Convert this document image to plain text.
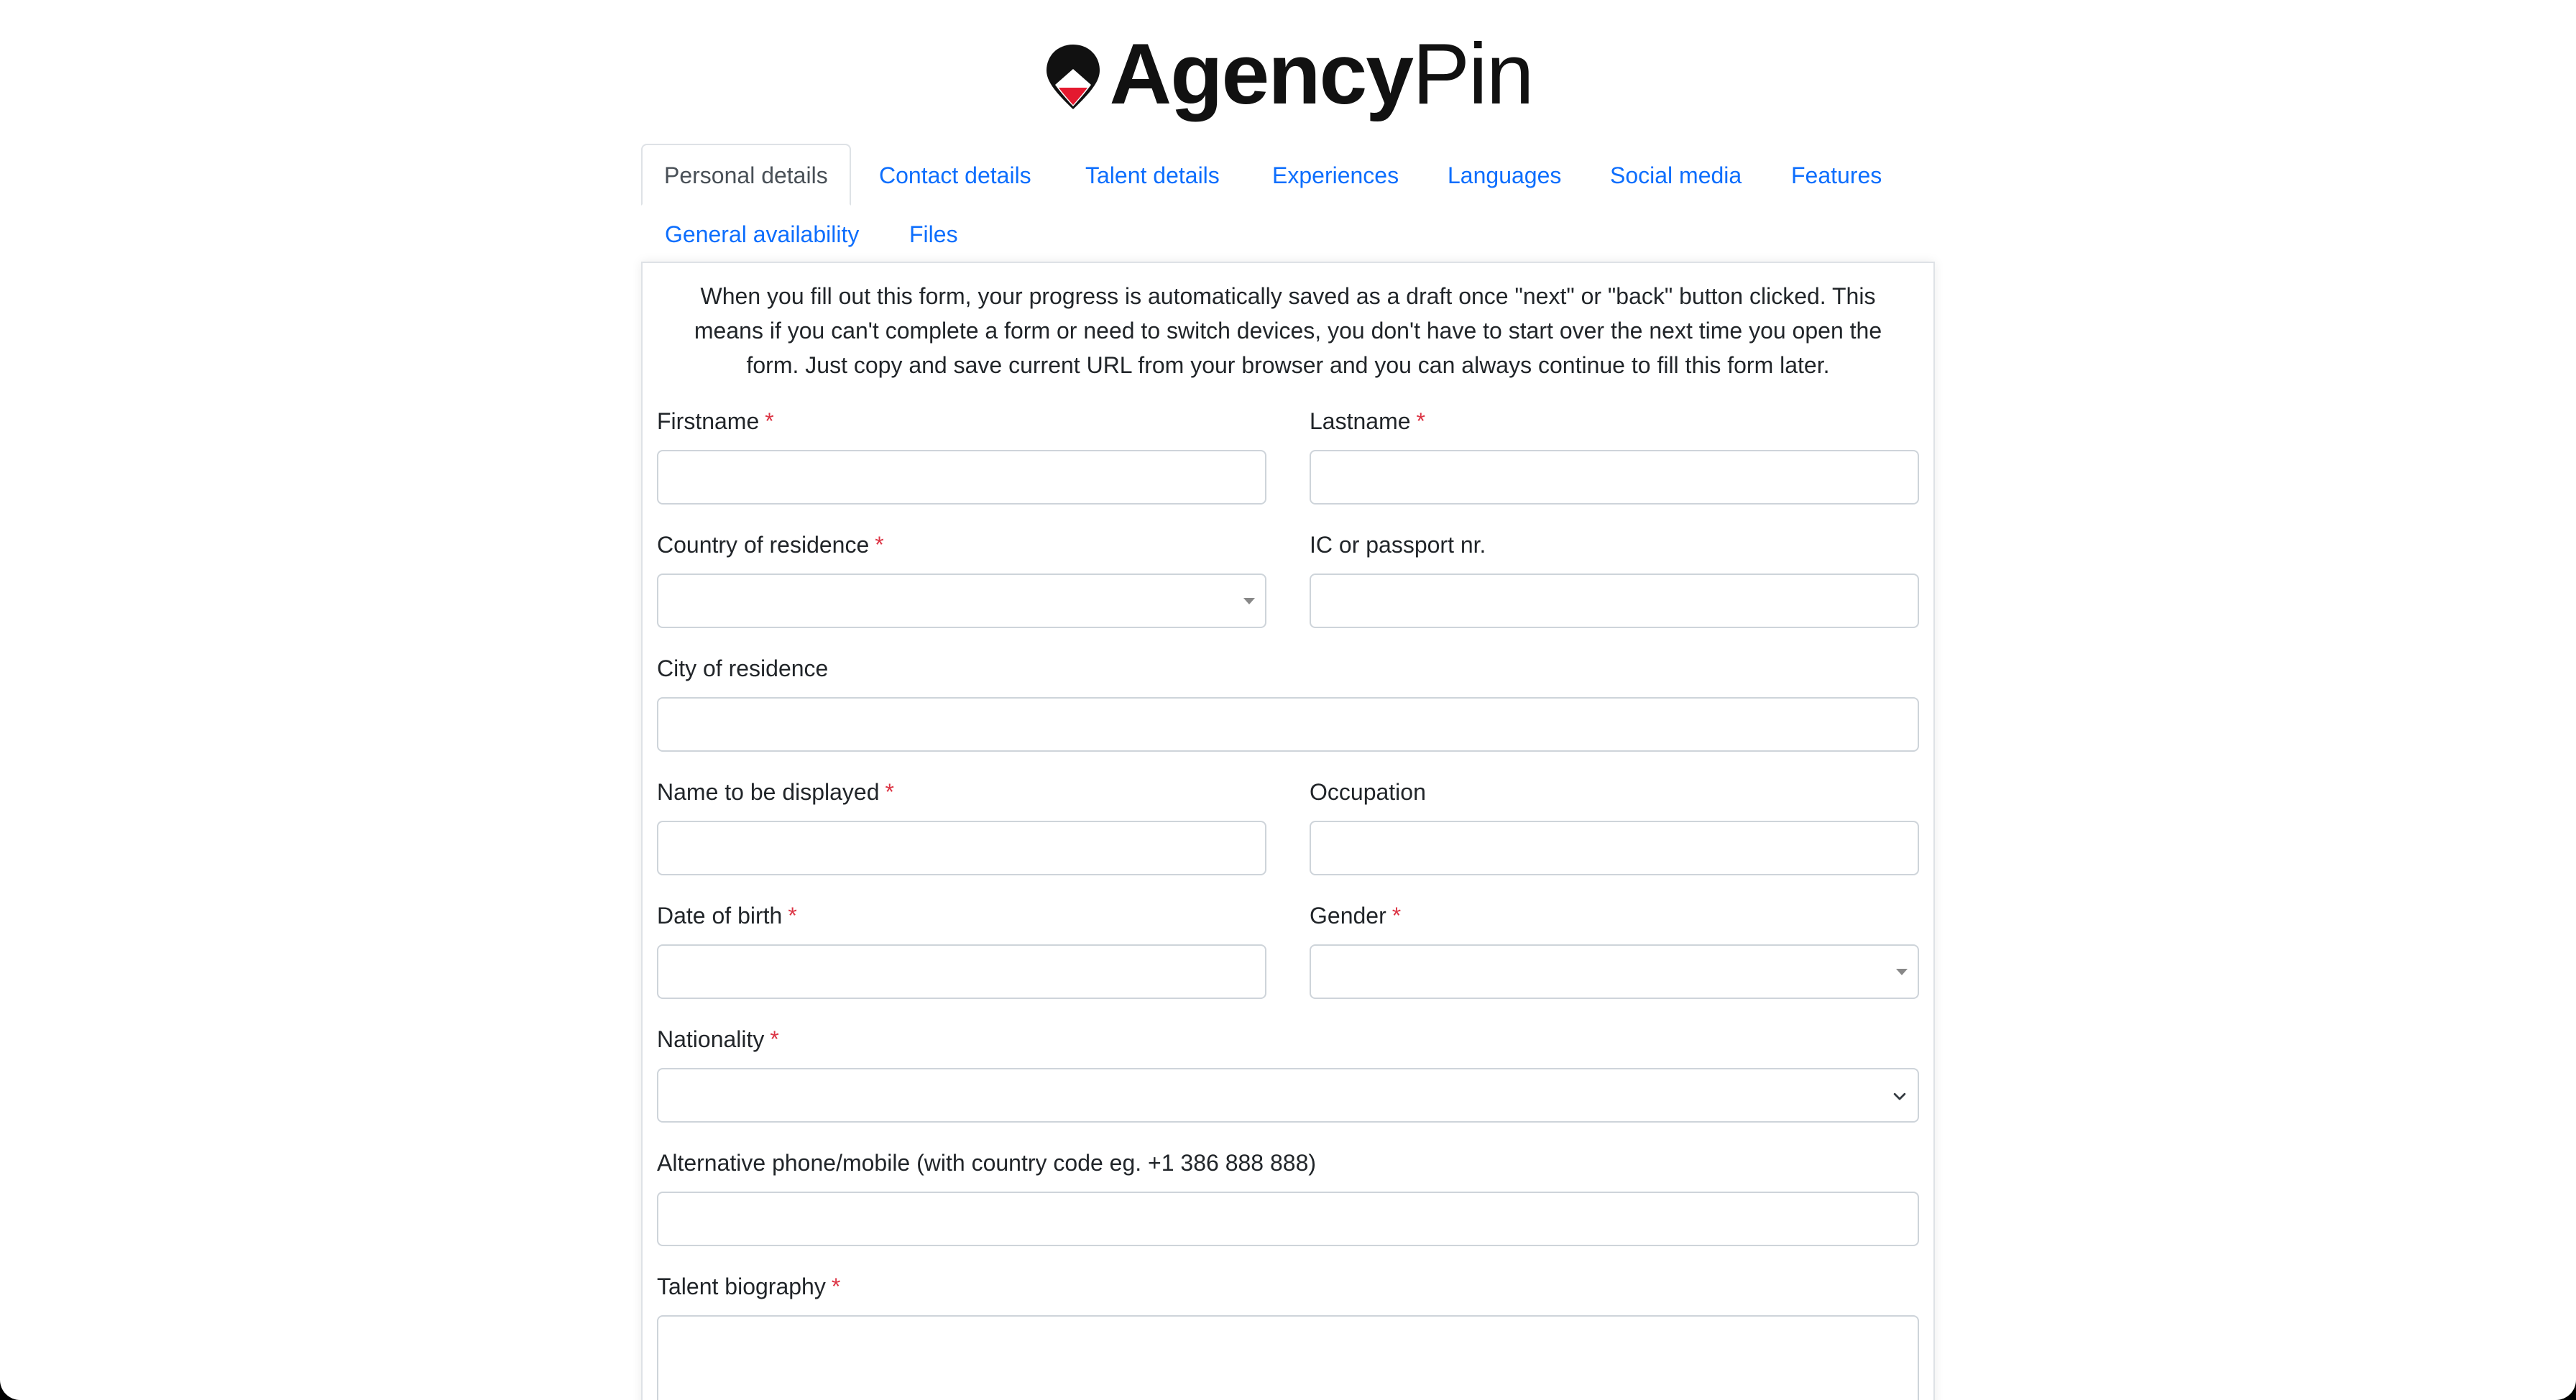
AgencyPin
Personal details	Contact details Talent details Experiences Languages Social media Features
General availability Files
When you fill out this form, your progress is automatically saved as a draft once "next" or "back" button clicked. This means if you can't complete a form or need to switch devices, you don't have to start over the next time you open the form. Just copy and save current URL from your browser and you can always continue to fill this form later.
Firstname *	Lastname *
Country of residence *	IC or passport nr.
City of residence
Name to be displayed *	Occupation
Date of birth *	Gender *
Nationality *
Alternative phone/mobile (with country code eg. +1 386 888 888)
Talent biography *
